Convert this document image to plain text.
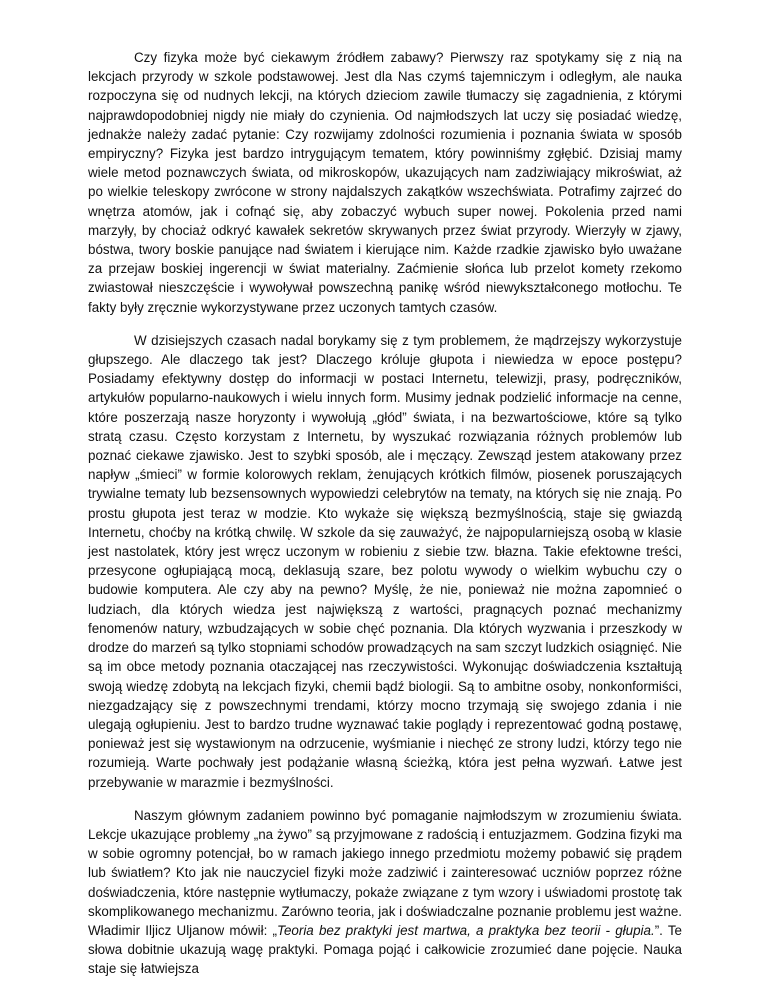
Czy fizyka może być ciekawym źródłem zabawy? Pierwszy raz spotykamy się z nią na lekcjach przyrody w szkole podstawowej. Jest dla Nas czymś tajemniczym i odległym, ale nauka rozpoczyna się od nudnych lekcji, na których dzieciom zawile tłumaczy się zagadnienia, z którymi najprawdopodobniej nigdy nie miały do czynienia. Od najmłodszych lat uczy się posiadać wiedzę, jednakże należy zadać pytanie: Czy rozwijamy zdolności rozumienia i poznania świata w sposób empiryczny? Fizyka jest bardzo intrygującym tematem, który powinniśmy zgłębić. Dzisiaj mamy wiele metod poznawczych świata, od mikroskopów, ukazujących nam zadziwiający mikroświat, aż po wielkie teleskopy zwrócone w strony najdalszych zakątków wszechświata. Potrafimy zajrzeć do wnętrza atomów, jak i cofnąć się, aby zobaczyć wybuch super nowej. Pokolenia przed nami marzyły, by chociaż odkryć kawałek sekretów skrywanych przez świat przyrody. Wierzyły w zjawy, bóstwa, twory boskie panujące nad światem i kierujące nim. Każde rzadkie zjawisko było uważane za przejaw boskiej ingerencji w świat materialny. Zaćmienie słońca lub przelot komety rzekomo zwiastował nieszczęście i wywoływał powszechną panikę wśród niewykształconego motłochu. Te fakty były zręcznie wykorzystywane przez uczonych tamtych czasów.

W dzisiejszych czasach nadal borykamy się z tym problemem, że mądrzejszy wykorzystuje głupszego. Ale dlaczego tak jest? Dlaczego króluje głupota i niewiedza w epoce postępu? Posiadamy efektywny dostęp do informacji w postaci Internetu, telewizji, prasy, podręczników, artykułów popularno-naukowych i wielu innych form. Musimy jednak podzielić informacje na cenne, które poszerzają nasze horyzonty i wywołują „głód” świata, i na bezwartościowe, które są tylko stratą czasu. Często korzystam z Internetu, by wyszukać rozwiązania różnych problemów lub poznać ciekawe zjawisko. Jest to szybki sposób, ale i męczący. Zewsząd jestem atakowany przez napływ „śmieci” w formie kolorowych reklam, żenujących krótkich filmów, piosenek poruszających trywialne tematy lub bezsensownych wypowiedzi celebrytów na tematy, na których się nie znają. Po prostu głupota jest teraz w modzie. Kto wykaże się większą bezmyślnością, staje się gwiazdą Internetu, choćby na krótką chwilę. W szkole da się zauważyć, że najpopularniejszą osobą w klasie jest nastolatek, który jest wręcz uczonym w robieniu z siebie tzw. błazna. Takie efektowne treści, przesycone ogłupiającą mocą, deklasują szare, bez polotu wywody o wielkim wybuchu czy o budowie komputera. Ale czy aby na pewno? Myślę, że nie, ponieważ nie można zapomnieć o ludziach, dla których wiedza jest największą z wartości, pragnących poznać mechanizmy fenomenów natury, wzbudzających w sobie chęć poznania. Dla których wyzwania i przeszkody w drodze do marzeń są tylko stopniami schodów prowadzących na sam szczyt ludzkich osiągnięć. Nie są im obce metody poznania otaczającej nas rzeczywistości. Wykonując doświadczenia kształtują swoją wiedzę zdobytą na lekcjach fizyki, chemii bądź biologii. Są to ambitne osoby, nonkonformiści, niezgadzający się z powszechnymi trendami, którzy mocno trzymają się swojego zdania i nie ulegają ogłupieniu. Jest to bardzo trudne wyznawać takie poglądy i reprezentować godną postawę, ponieważ jest się wystawionym na odrzucenie, wyśmianie i niechęć ze strony ludzi, którzy tego nie rozumieją. Warte pochwały jest podążanie własną ścieżką, która jest pełna wyzwań. Łatwe jest przebywanie w marazmie i bezmyślności.

Naszym głównym zadaniem powinno być pomaganie najmłodszym w zrozumieniu świata. Lekcje ukazujące problemy „na żywo” są przyjmowane z radością i entuzjazmem. Godzina fizyki ma w sobie ogromny potencjał, bo w ramach jakiego innego przedmiotu możemy pobawić się prądem lub światłem? Kto jak nie nauczyciel fizyki może zadziwić i zainteresować uczniów poprzez różne doświadczenia, które następnie wytłumaczy, pokaże związane z tym wzory i uświadomi prostotę tak skomplikowanego mechanizmu. Zarówno teoria, jak i doświadczalne poznanie problemu jest ważne. Władimir Iljicz Uljanow mówił: „Teoria bez praktyki jest martwa, a praktyka bez teorii - głupia.”. Te słowa dobitnie ukazują wagę praktyki. Pomaga pojąć i całkowicie zrozumieć dane pojęcie. Nauka staje się łatwiejsza
